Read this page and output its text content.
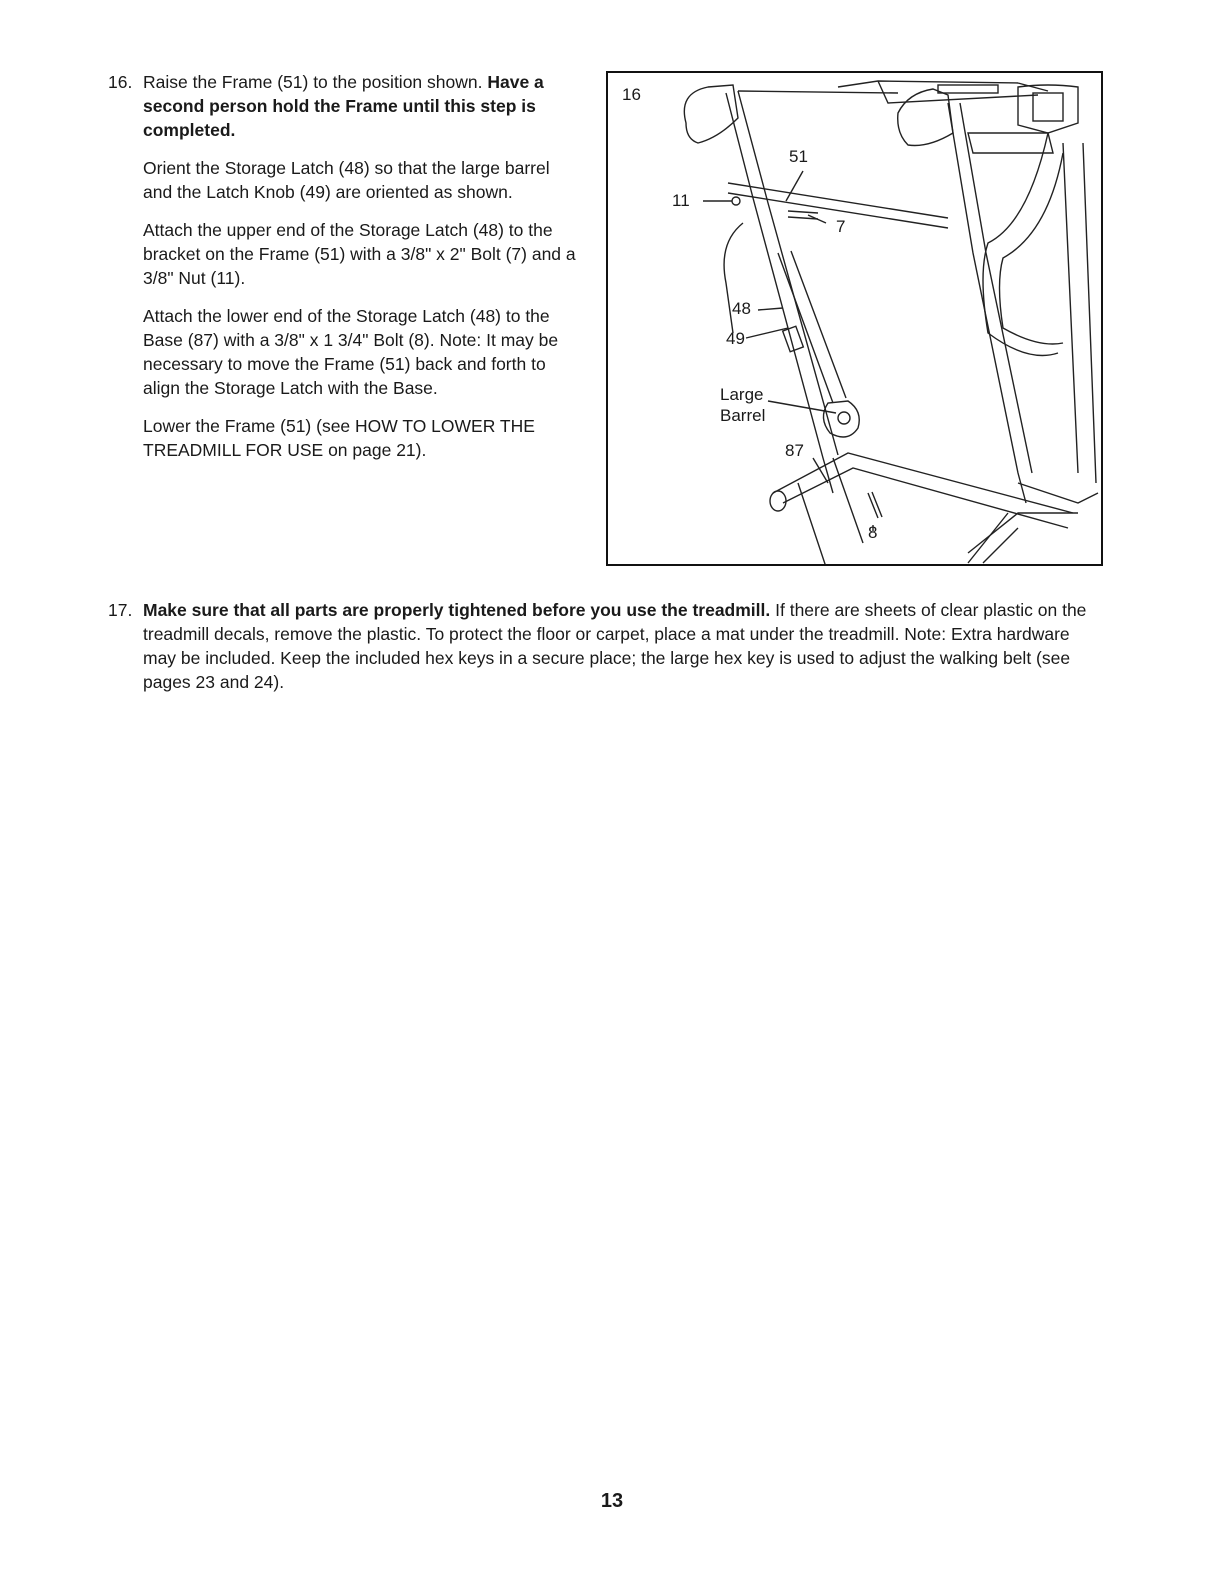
16. Raise the Frame (51) to the position shown. Have a second person hold the Frame until this step is completed.

Orient the Storage Latch (48) so that the large barrel and the Latch Knob (49) are oriented as shown.

Attach the upper end of the Storage Latch (48) to the bracket on the Frame (51) with a 3/8" x 2" Bolt (7) and a 3/8" Nut (11).

Attach the lower end of the Storage Latch (48) to the Base (87) with a 3/8" x 1 3/4" Bolt (8). Note: It may be necessary to move the Frame (51) back and forth to align the Storage Latch with the Base.

Lower the Frame (51) (see HOW TO LOWER THE TREADMILL FOR USE on page 21).

16
51
11
7
48
49
Large
Barrel
87
8
17. Make sure that all parts are properly tightened before you use the treadmill. If there are sheets of clear plastic on the treadmill decals, remove the plastic. To protect the floor or carpet, place a mat under the treadmill. Note: Extra hardware may be included. Keep the included hex keys in a secure place; the large hex key is used to adjust the walking belt (see pages 23 and 24).
13
